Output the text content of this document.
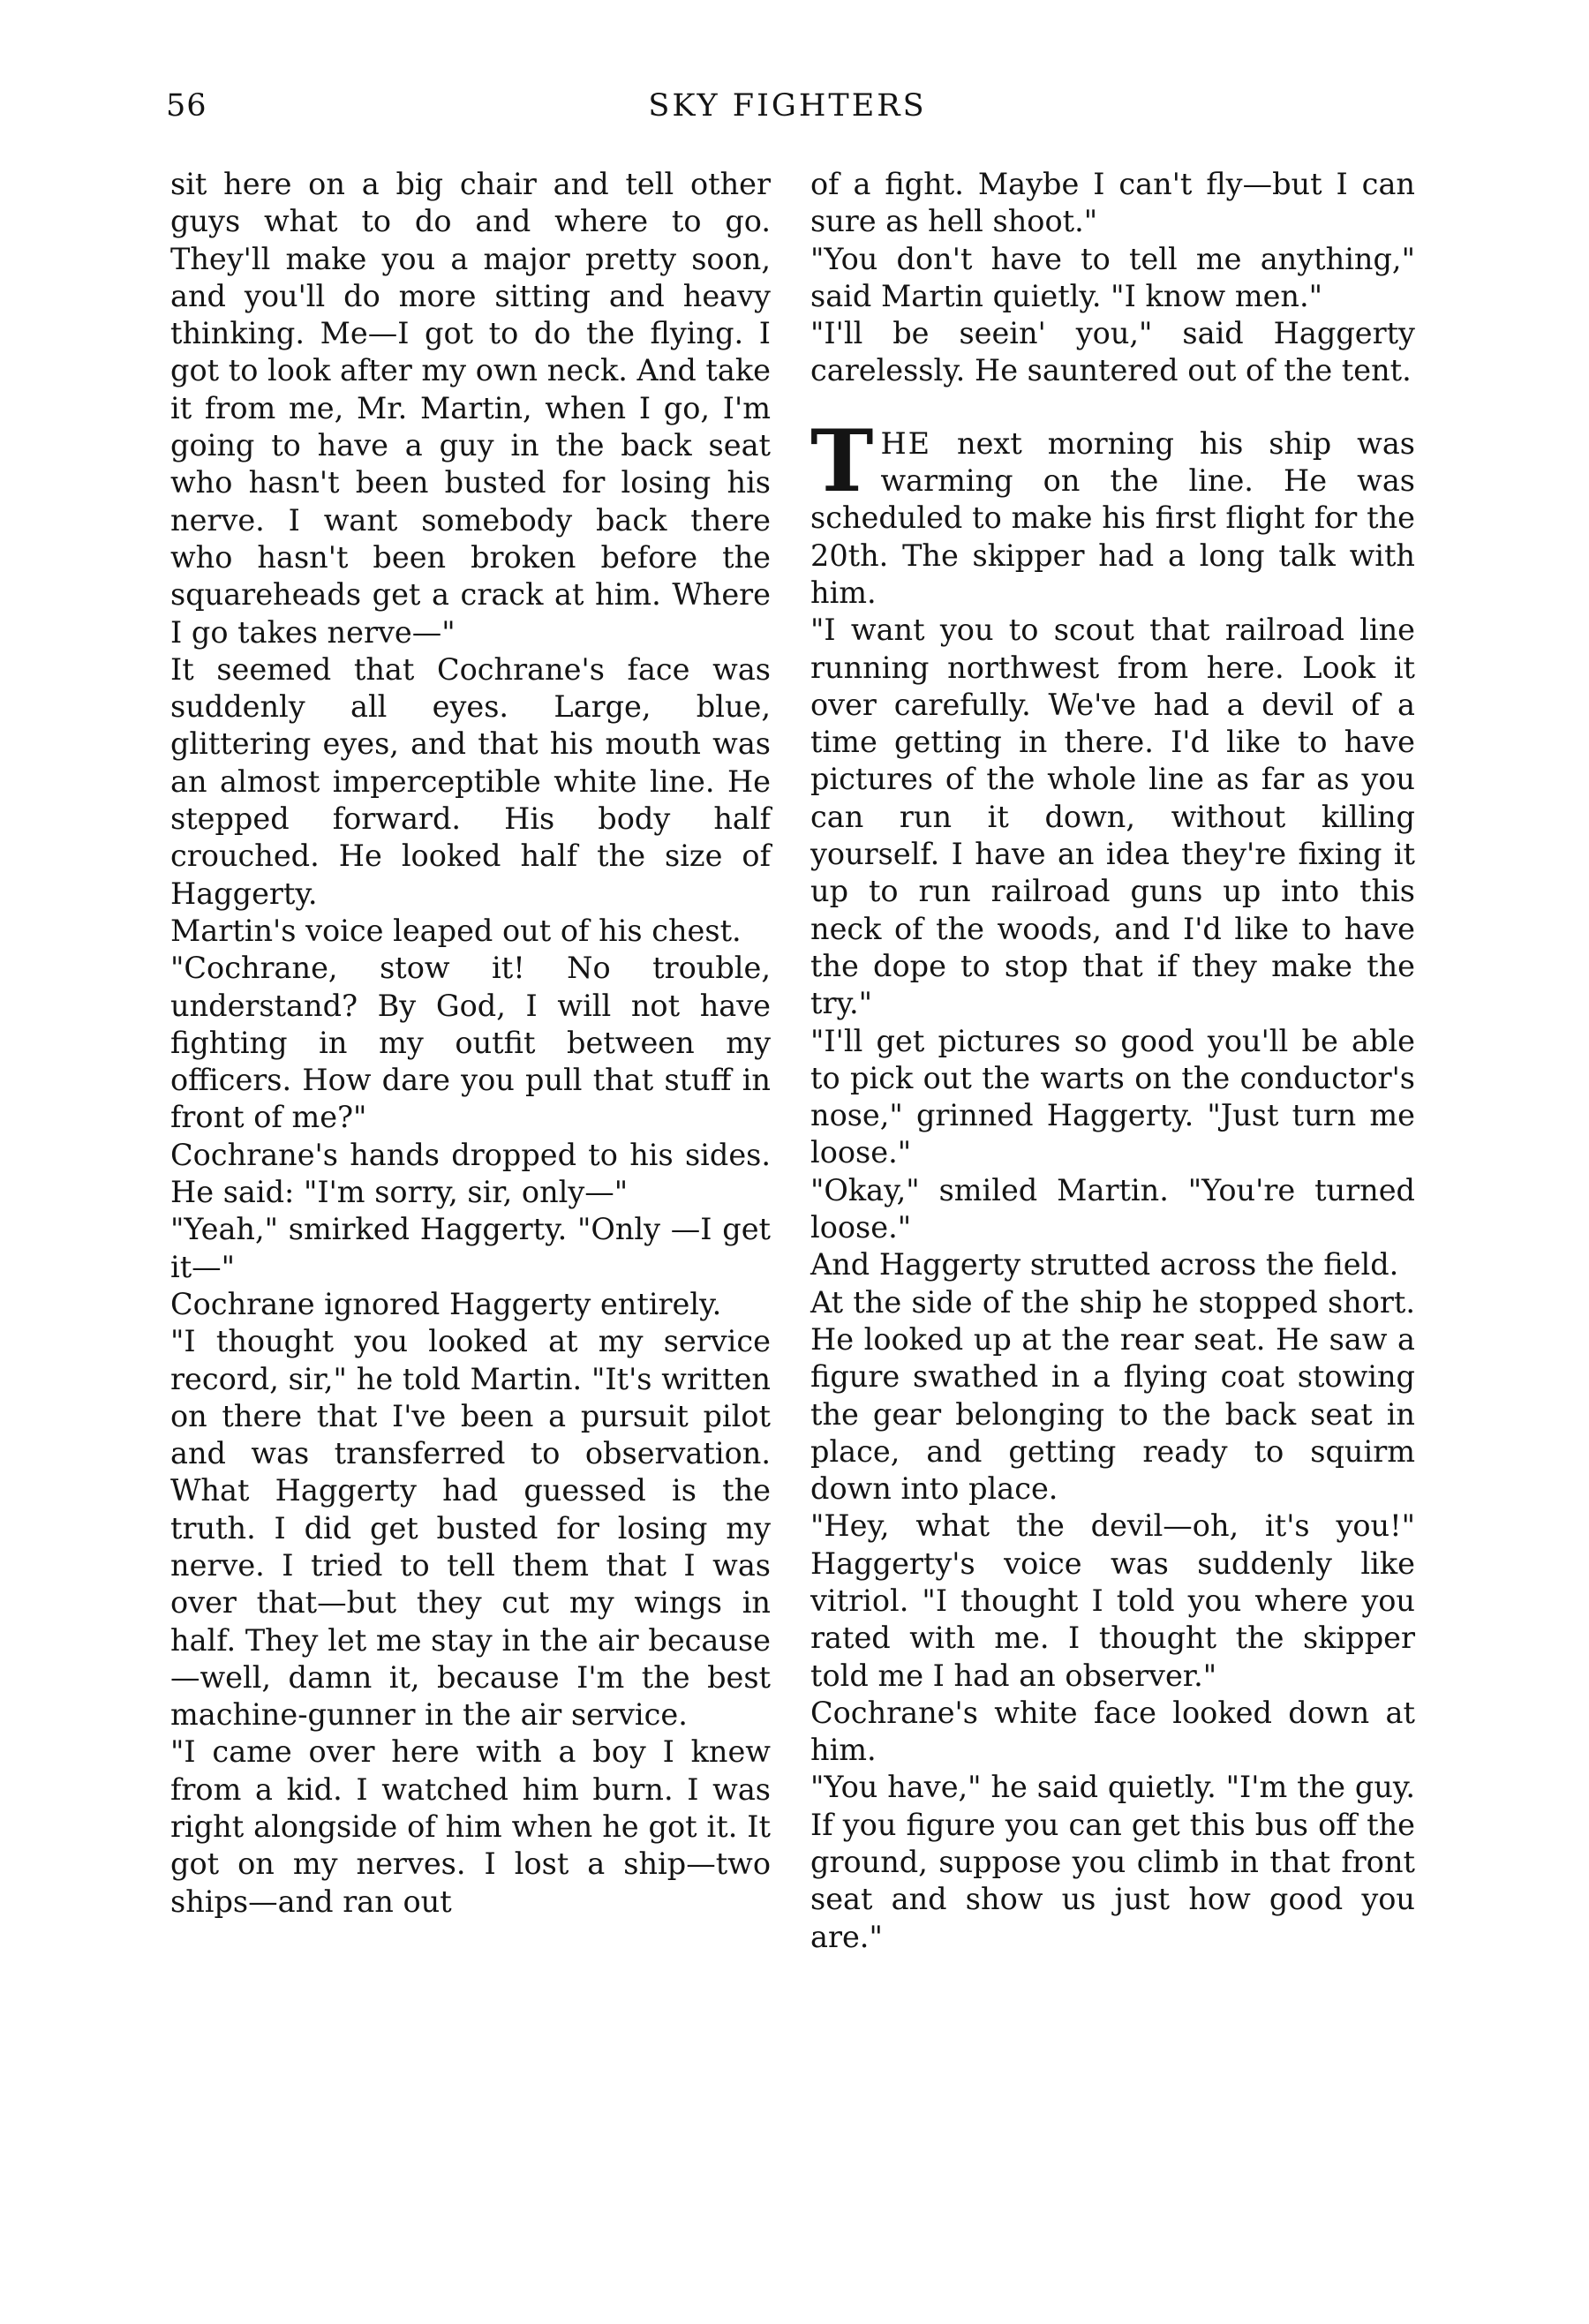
56	SKY FIGHTERS

sit here on a big chair and tell other guys what to do and where to go. They'll make you a major pretty soon, and you'll do more sitting and heavy thinking. Me—I got to do the flying. I got to look after my own neck. And take it from me, Mr. Martin, when I go, I'm going to have a guy in the back seat who hasn't been busted for losing his nerve. I want somebody back there who hasn't been broken before the squareheads get a crack at him. Where I go takes nerve—"

It seemed that Cochrane's face was suddenly all eyes. Large, blue, glittering eyes, and that his mouth was an almost imperceptible white line. He stepped forward. His body half crouched. He looked half the size of Haggerty.

Martin's voice leaped out of his chest.

"Cochrane, stow it! No trouble, understand? By God, I will not have fighting in my outfit between my officers. How dare you pull that stuff in front of me?"

Cochrane's hands dropped to his sides. He said: "I'm sorry, sir, only—"

"Yeah," smirked Haggerty. "Only —I get it—"

Cochrane ignored Haggerty entirely.

"I thought you looked at my service record, sir," he told Martin. "It's written on there that I've been a pursuit pilot and was transferred to observation. What Haggerty had guessed is the truth. I did get busted for losing my nerve. I tried to tell them that I was over that—but they cut my wings in half. They let me stay in the air because—well, damn it, because I'm the best machine-gunner in the air service.

"I came over here with a boy I knew from a kid. I watched him burn. I was right alongside of him when he got it. It got on my nerves. I lost a ship—two ships—and ran out

of a fight. Maybe I can't fly—but I can sure as hell shoot."

"You don't have to tell me anything," said Martin quietly. "I know men."

"I'll be seein' you," said Haggerty carelessly. He sauntered out of the tent.

THE next morning his ship was warming on the line. He was scheduled to make his first flight for the 20th. The skipper had a long talk with him.

"I want you to scout that railroad line running northwest from here. Look it over carefully. We've had a devil of a time getting in there. I'd like to have pictures of the whole line as far as you can run it down, without killing yourself. I have an idea they're fixing it up to run railroad guns up into this neck of the woods, and I'd like to have the dope to stop that if they make the try."

"I'll get pictures so good you'll be able to pick out the warts on the conductor's nose," grinned Haggerty. "Just turn me loose."

"Okay," smiled Martin. "You're turned loose."

And Haggerty strutted across the field.

At the side of the ship he stopped short. He looked up at the rear seat. He saw a figure swathed in a flying coat stowing the gear belonging to the back seat in place, and getting ready to squirm down into place.

"Hey, what the devil—oh, it's you!" Haggerty's voice was suddenly like vitriol. "I thought I told you where you rated with me. I thought the skipper told me I had an observer."

Cochrane's white face looked down at him.

"You have," he said quietly. "I'm the guy. If you figure you can get this bus off the ground, suppose you climb in that front seat and show us just how good you are."
